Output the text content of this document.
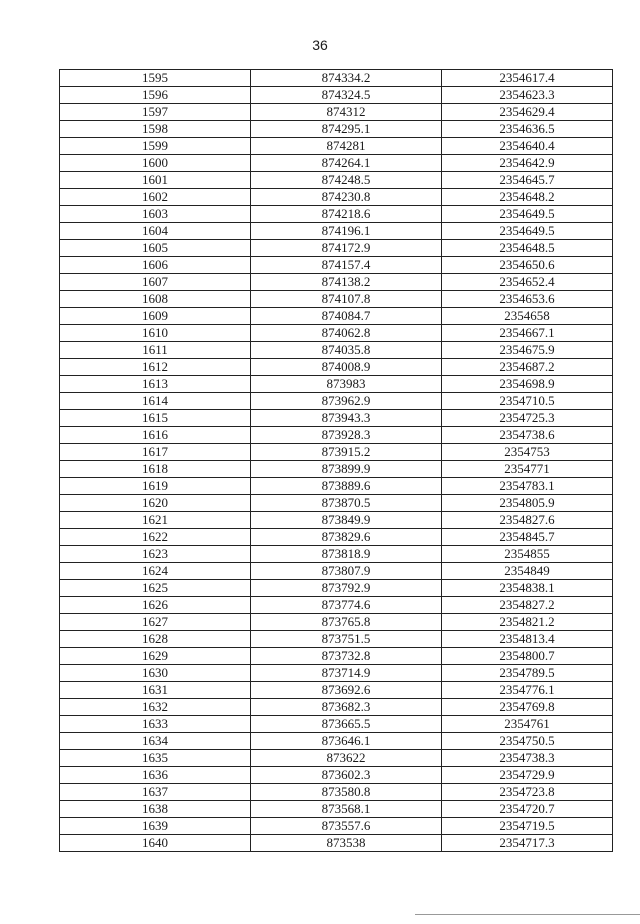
36
1595	874334.2	2354617.4
1596	874324.5	2354623.3
1597	874312	2354629.4
1598	874295.1	2354636.5
1599	874281	2354640.4
1600	874264.1	2354642.9
1601	874248.5	2354645.7
1602	874230.8	2354648.2
1603	874218.6	2354649.5
1604	874196.1	2354649.5
1605	874172.9	2354648.5
1606	874157.4	2354650.6
1607	874138.2	2354652.4
1608	874107.8	2354653.6
1609	874084.7	2354658
1610	874062.8	2354667.1
1611	874035.8	2354675.9
1612	874008.9	2354687.2
1613	873983	2354698.9
1614	873962.9	2354710.5
1615	873943.3	2354725.3
1616	873928.3	2354738.6
1617	873915.2	2354753
1618	873899.9	2354771
1619	873889.6	2354783.1
1620	873870.5	2354805.9
1621	873849.9	2354827.6
1622	873829.6	2354845.7
1623	873818.9	2354855
1624	873807.9	2354849
1625	873792.9	2354838.1
1626	873774.6	2354827.2
1627	873765.8	2354821.2
1628	873751.5	2354813.4
1629	873732.8	2354800.7
1630	873714.9	2354789.5
1631	873692.6	2354776.1
1632	873682.3	2354769.8
1633	873665.5	2354761
1634	873646.1	2354750.5
1635	873622	2354738.3
1636	873602.3	2354729.9
1637	873580.8	2354723.8
1638	873568.1	2354720.7
1639	873557.6	2354719.5
1640	873538	2354717.3
